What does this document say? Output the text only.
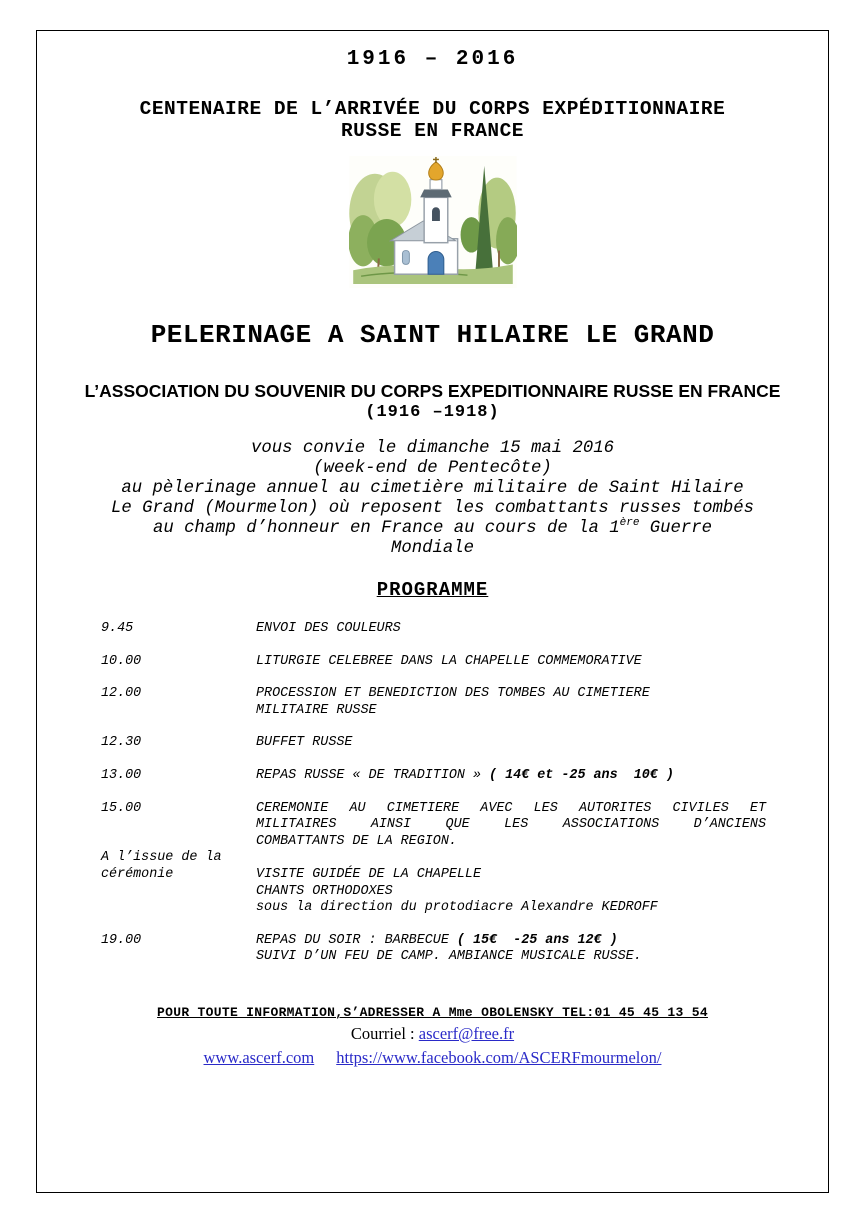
1916 – 2016
CENTENAIRE DE L’ARRIVÉE DU CORPS EXPÉDITIONNAIRE
RUSSE EN FRANCE
PELERINAGE A SAINT HILAIRE LE GRAND
L’ASSOCIATION DU SOUVENIR DU CORPS EXPEDITIONNAIRE RUSSE EN FRANCE
(1916 –1918)
vous convie le dimanche 15 mai 2016
(week-end de Pentecôte)
au pèlerinage annuel au cimetière militaire de Saint Hilaire
Le Grand (Mourmelon) où reposent les combattants russes tombés
au champ d’honneur en France au cours de la 1ère Guerre
Mondiale
PROGRAMME
9.45	ENVOI DES COULEURS
10.00	LITURGIE CELEBREE DANS LA CHAPELLE COMMEMORATIVE
12.00	PROCESSION ET BENEDICTION DES TOMBES AU CIMETIERE
MILITAIRE RUSSE
12.30	BUFFET RUSSE
13.00	REPAS RUSSE « DE TRADITION » ( 14€ et -25 ans  10€ )
15.00	CEREMONIE AU CIMETIERE AVEC LES AUTORITES CIVILES ET
MILITAIRES AINSI QUE LES ASSOCIATIONS D’ANCIENS
COMBATTANTS DE LA REGION.
A l’issue de la
cérémonie	VISITE GUIDÉE DE LA CHAPELLE
CHANTS ORTHODOXES
sous la direction du protodiacre Alexandre KEDROFF
19.00	REPAS DU SOIR : BARBECUE ( 15€  -25 ans 12€ )
SUIVI D’UN FEU DE CAMP. AMBIANCE MUSICALE RUSSE.
POUR TOUTE INFORMATION,S’ADRESSER A Mme OBOLENSKY TEL:01 45 45 13 54
Courriel : ascerf@free.fr
www.ascerf.com https://www.facebook.com/ASCERFmourmelon/
